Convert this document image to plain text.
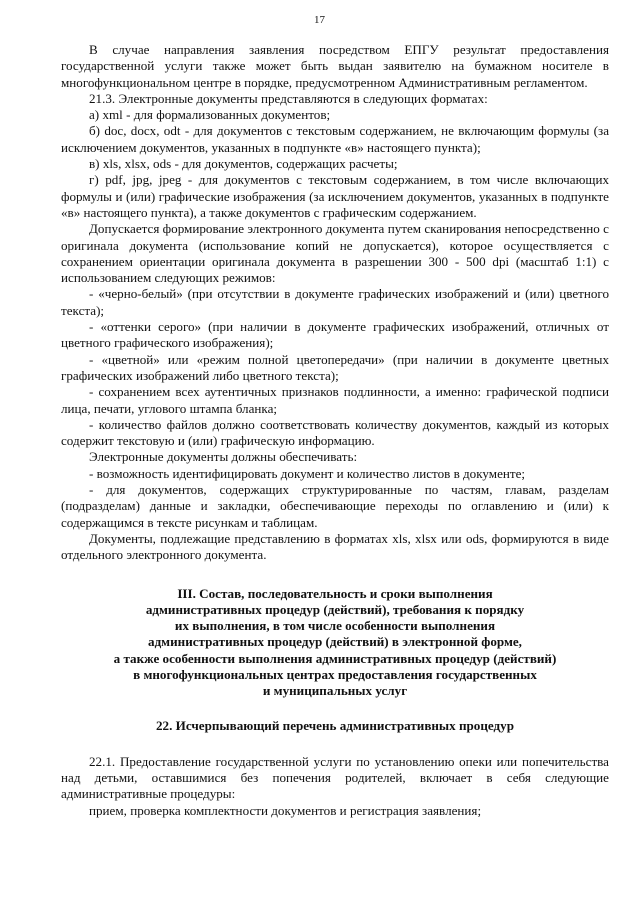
17

В случае направления заявления посредством ЕПГУ результат предоставления государственной услуги также может быть выдан заявителю на бумажном носителе в многофункциональном центре в порядке, предусмотренном Административным регламентом.

21.3. Электронные документы представляются в следующих форматах:

а) xml - для формализованных документов;

б) doc, docx, odt - для документов с текстовым содержанием, не включающим формулы (за исключением документов, указанных в подпункте «в» настоящего пункта);

в) xls, xlsx, ods - для документов, содержащих расчеты;

г) pdf, jpg, jpeg - для документов с текстовым содержанием, в том числе включающих формулы и (или) графические изображения (за исключением документов, указанных в подпункте «в» настоящего пункта), а также документов с графическим содержанием.

Допускается формирование электронного документа путем сканирования непосредственно с оригинала документа (использование копий не допускается), которое осуществляется с сохранением ориентации оригинала документа в разрешении 300 - 500 dpi (масштаб 1:1) с использованием следующих режимов:

- «черно-белый» (при отсутствии в документе графических изображений и (или) цветного текста);

- «оттенки серого» (при наличии в документе графических изображений, отличных от цветного графического изображения);

- «цветной» или «режим полной цветопередачи» (при наличии в документе цветных графических изображений либо цветного текста);

- сохранением всех аутентичных признаков подлинности, а именно: графической подписи лица, печати, углового штампа бланка;

- количество файлов должно соответствовать количеству документов, каждый из которых содержит текстовую и (или) графическую информацию.

Электронные документы должны обеспечивать:

- возможность идентифицировать документ и количество листов в документе;

- для документов, содержащих структурированные по частям, главам, разделам (подразделам) данные и закладки, обеспечивающие переходы по оглавлению и (или) к содержащимся в тексте рисункам и таблицам.

Документы, подлежащие представлению в форматах xls, xlsx или ods, формируются в виде отдельного электронного документа.

III. Состав, последовательность и сроки выполнения
административных процедур (действий), требования к порядку
их выполнения, в том числе особенности выполнения
административных процедур (действий) в электронной форме,
а также особенности выполнения административных процедур (действий)
в многофункциональных центрах предоставления государственных
и муниципальных услуг
22. Исчерпывающий перечень административных процедур

22.1. Предоставление государственной услуги по установлению опеки или попечительства над детьми, оставшимися без попечения родителей, включает в себя следующие административные процедуры:

прием, проверка комплектности документов и регистрация заявления;
